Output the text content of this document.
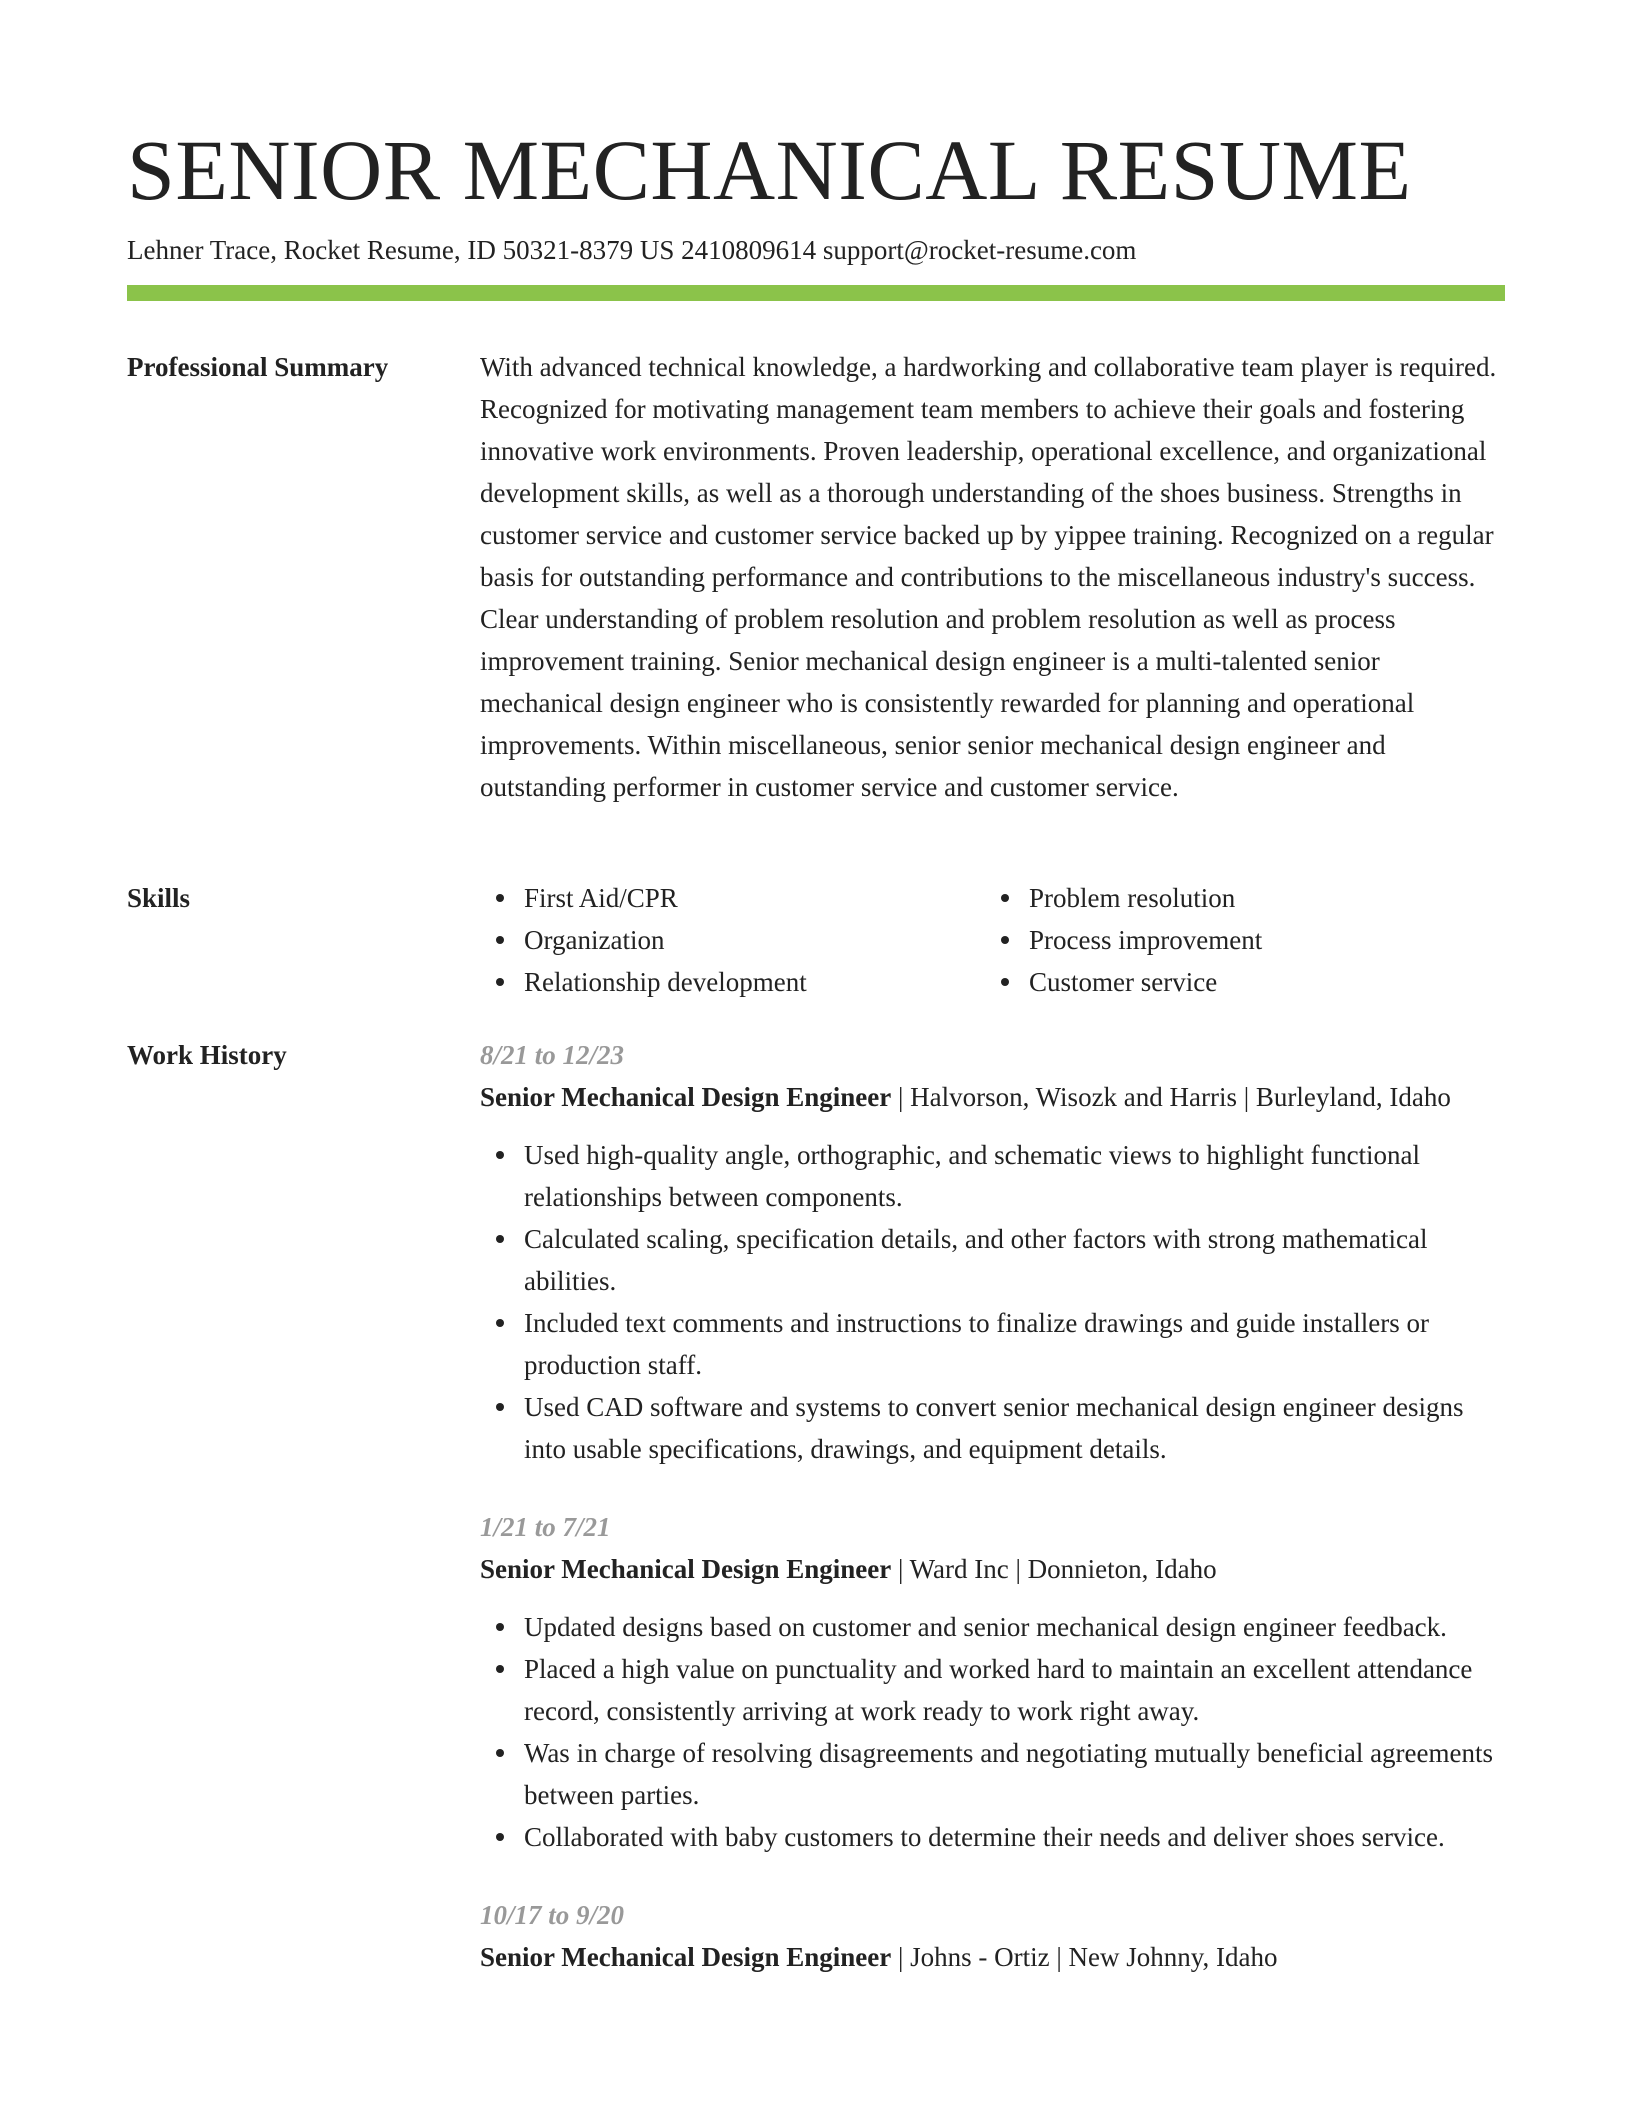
SENIOR MECHANICAL RESUME
Lehner Trace, Rocket Resume, ID 50321-8379 US 2410809614 support@rocket-resume.com
Professional Summary	With advanced technical knowledge, a hardworking and collaborative team player is required. Recognized for motivating management team members to achieve their goals and fostering innovative work environments. Proven leadership, operational excellence, and organizational development skills, as well as a thorough understanding of the shoes business. Strengths in customer service and customer service backed up by yippee training. Recognized on a regular basis for outstanding performance and contributions to the miscellaneous industry's success. Clear understanding of problem resolution and problem resolution as well as process improvement training. Senior mechanical design engineer is a multi-talented senior mechanical design engineer who is consistently rewarded for planning and operational improvements. Within miscellaneous, senior senior mechanical design engineer and outstanding performer in customer service and customer service.

Skills	First Aid/CPR	Problem resolution
Organization	Process improvement
Relationship development	Customer service
Work History	8/21 to 12/23
Senior Mechanical Design Engineer | Halvorson, Wisozk and Harris | Burleyland, Idaho
Used high-quality angle, orthographic, and schematic views to highlight functional relationships between components.
Calculated scaling, specification details, and other factors with strong mathematical abilities.
Included text comments and instructions to finalize drawings and guide installers or production staff.
Used CAD software and systems to convert senior mechanical design engineer designs into usable specifications, drawings, and equipment details.
1/21 to 7/21
Senior Mechanical Design Engineer | Ward Inc | Donnieton, Idaho
Updated designs based on customer and senior mechanical design engineer feedback.
Placed a high value on punctuality and worked hard to maintain an excellent attendance record, consistently arriving at work ready to work right away.
Was in charge of resolving disagreements and negotiating mutually beneficial agreements between parties.
Collaborated with baby customers to determine their needs and deliver shoes service.
10/17 to 9/20
Senior Mechanical Design Engineer | Johns - Ortiz | New Johnny, Idaho
